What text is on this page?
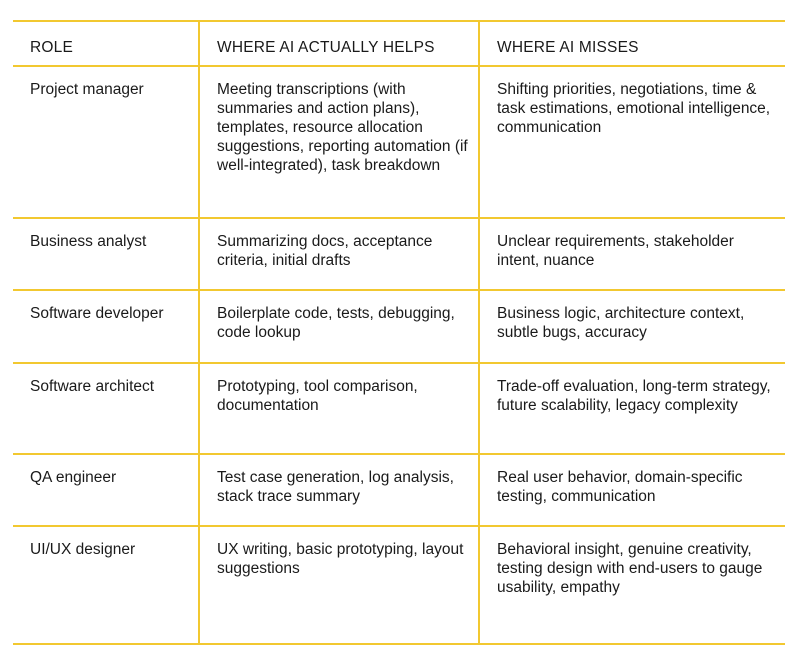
ROLE	WHERE AI ACTUALLY HELPS	WHERE AI MISSES
Project manager	Meeting transcriptions (with summaries and action plans), templates, resource allocation suggestions, reporting automation (if well-integrated), task breakdown	Shifting priorities, negotiations, time & task estimations, emotional intelligence, communication
Business analyst	Summarizing docs, acceptance criteria, initial drafts	Unclear requirements, stakeholder intent, nuance
Software developer	Boilerplate code, tests, debugging, code lookup	Business logic, architecture context, subtle bugs, accuracy
Software architect	Prototyping, tool comparison, documentation	Trade-off evaluation, long-term strategy, future scalability, legacy complexity
QA engineer	Test case generation, log analysis, stack trace summary	Real user behavior, domain-specific testing, communication
UI/UX designer	UX writing, basic prototyping, layout suggestions	Behavioral insight, genuine creativity, testing design with end-users to gauge usability, empathy
